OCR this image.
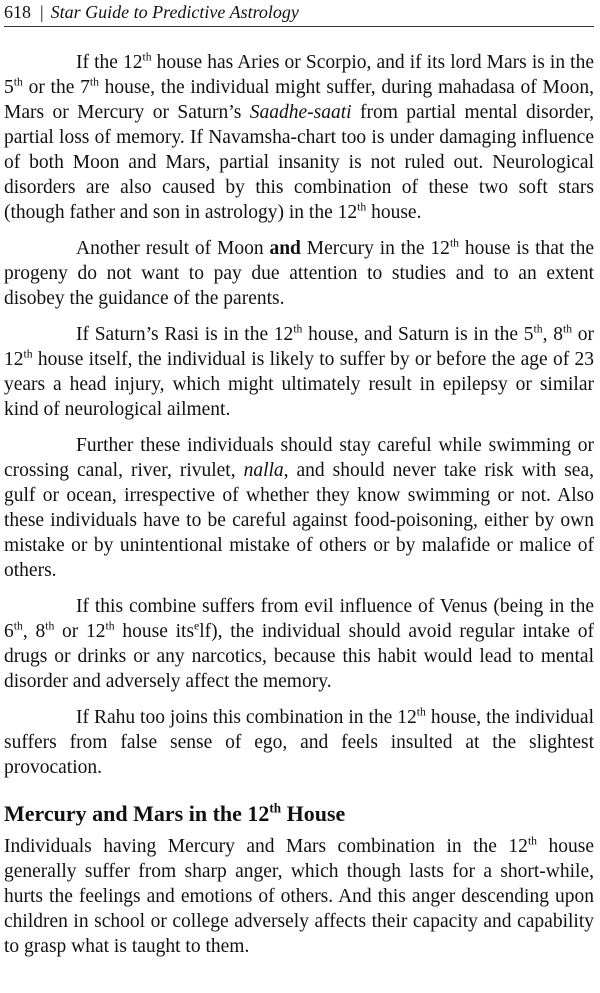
618 | Star Guide to Predictive Astrology

If the 12th house has Aries or Scorpio, and if its lord Mars is in the 5th or the 7th house, the individual might suffer, during mahadasa of Moon, Mars or Mercury or Saturn’s Saadhe-saati from partial mental disorder, partial loss of memory. If Navamsha-chart too is under damaging influence of both Moon and Mars, partial insanity is not ruled out. Neurological disorders are also caused by this combination of these two soft stars (though father and son in astrology) in the 12th house.

Another result of Moon and Mercury in the 12th house is that the progeny do not want to pay due attention to studies and to an extent disobey the guidance of the parents.

If Saturn’s Rasi is in the 12th house, and Saturn is in the 5th, 8th or 12th house itself, the individual is likely to suffer by or before the age of 23 years a head injury, which might ultimately result in epilepsy or similar kind of neurological ailment.

Further these individuals should stay careful while swimming or crossing canal, river, rivulet, nalla, and should never take risk with sea, gulf or ocean, irrespective of whether they know swimming or not. Also these individuals have to be careful against food-poisoning, either by own mistake or by unintentional mistake of others or by malafide or malice of others.

If this combine suffers from evil influence of Venus (being in the 6th, 8th or 12th house its$^e$lf), the individual should avoid regular intake of drugs or drinks or any narcotics, because this habit would lead to mental disorder and adversely affect the memory.

If Rahu too joins this combination in the 12th house, the individual suffers from false sense of ego, and feels insulted at the slightest provocation.

Mercury and Mars in the 12th House

Individuals having Mercury and Mars combination in the 12th house generally suffer from sharp anger, which though lasts for a short-while, hurts the feelings and emotions of others. And this anger descending upon children in school or college adversely affects their capacity and capability to grasp what is taught to them.
